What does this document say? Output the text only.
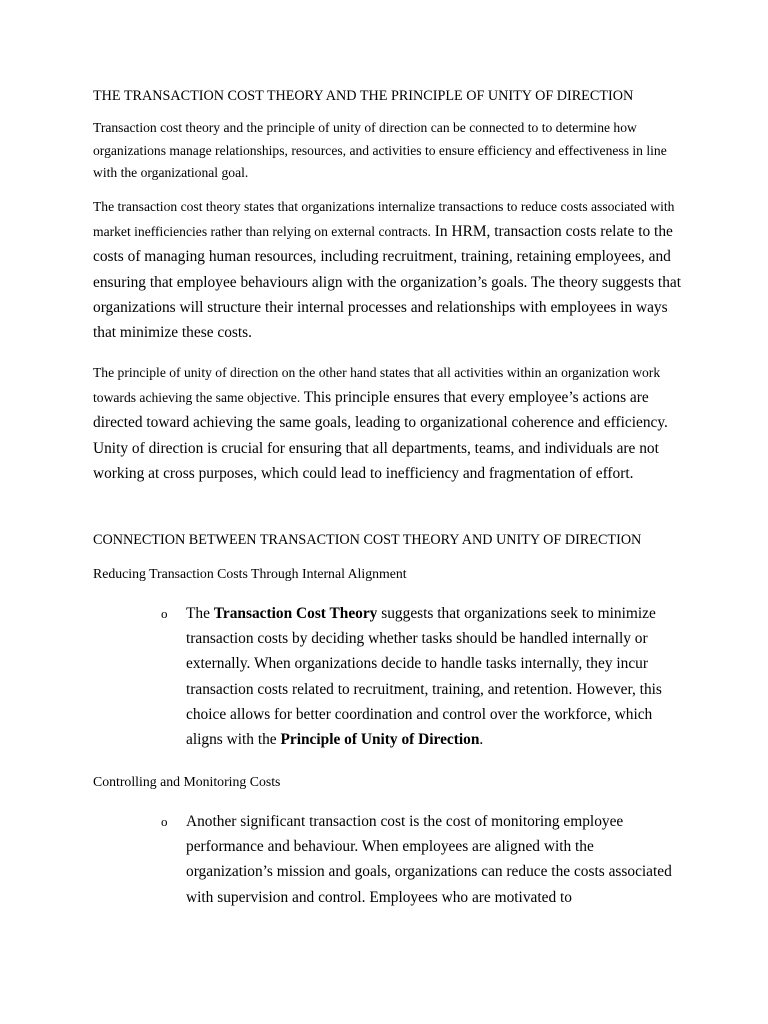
THE TRANSACTION COST THEORY AND THE PRINCIPLE OF UNITY OF DIRECTION

Transaction cost theory and the principle of unity of direction can be connected to to determine how organizations manage relationships, resources, and activities to ensure efficiency and effectiveness in line with the organizational goal.

The transaction cost theory states that organizations internalize transactions to reduce costs associated with market inefficiencies rather than relying on external contracts. In HRM, transaction costs relate to the costs of managing human resources, including recruitment, training, retaining employees, and ensuring that employee behaviours align with the organization’s goals. The theory suggests that organizations will structure their internal processes and relationships with employees in ways that minimize these costs.

The principle of unity of direction on the other hand states that all activities within an organization work towards achieving the same objective. This principle ensures that every employee’s actions are directed toward achieving the same goals, leading to organizational coherence and efficiency. Unity of direction is crucial for ensuring that all departments, teams, and individuals are not working at cross purposes, which could lead to inefficiency and fragmentation of effort.

CONNECTION BETWEEN TRANSACTION COST THEORY AND UNITY OF DIRECTION
Reducing Transaction Costs Through Internal Alignment
o The Transaction Cost Theory suggests that organizations seek to minimize transaction costs by deciding whether tasks should be handled internally or externally. When organizations decide to handle tasks internally, they incur transaction costs related to recruitment, training, and retention. However, this choice allows for better coordination and control over the workforce, which aligns with the Principle of Unity of Direction.

Controlling and Monitoring Costs
o Another significant transaction cost is the cost of monitoring employee performance and behaviour. When employees are aligned with the organization’s mission and goals, organizations can reduce the costs associated with supervision and control. Employees who are motivated to
